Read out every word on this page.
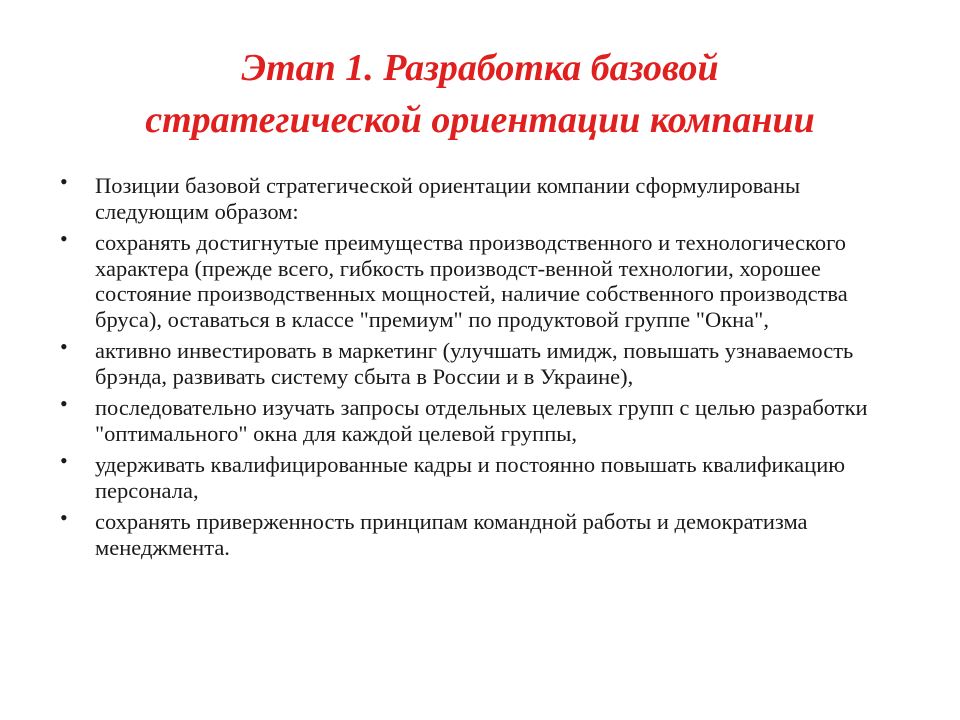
Этап 1. Разработка базовой
стратегической ориентации компании
• Позиции базовой стратегической ориентации компании сформулированы следующим образом:
• сохранять достигнутые преимущества производственного и технологического характера (прежде всего, гибкость производст-венной технологии, хорошее состояние производственных мощностей, наличие собственного производства бруса), оставаться в классе "премиум" по продуктовой группе "Окна",
• активно инвестировать в маркетинг (улучшать имидж, повышать узнаваемость брэнда, развивать систему сбыта в России и в Украине),
• последовательно изучать запросы отдельных целевых групп с целью разработки "оптимального" окна для каждой целевой группы,
• удерживать квалифицированные кадры и постоянно повышать квалификацию персонала,
• сохранять приверженность принципам командной работы и демократизма менеджмента.
